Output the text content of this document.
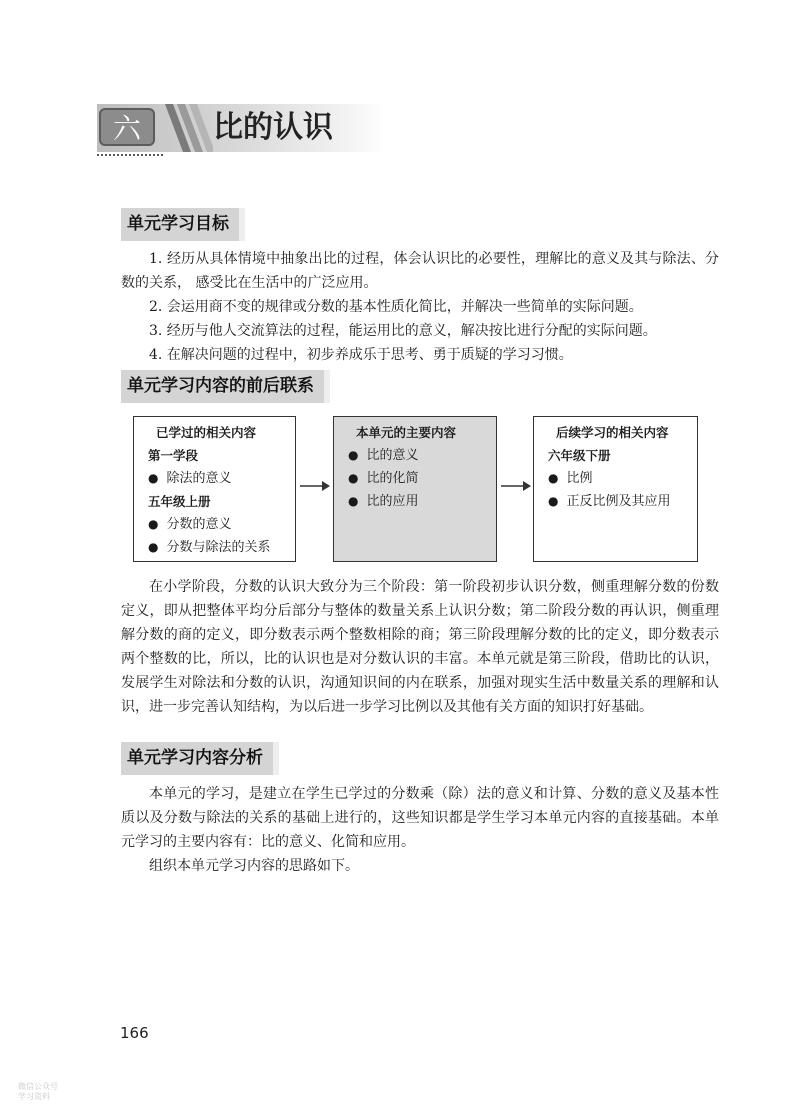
六	比的认识
单元学习目标

1. 经历从具体情境中抽象出比的过程，体会认识比的必要性，理解比的意义及其与除法、分数的关系， 感受比在生活中的广泛应用。

2. 会运用商不变的规律或分数的基本性质化简比，并解决一些简单的实际问题。

3. 经历与他人交流算法的过程，能运用比的意义，解决按比进行分配的实际问题。

4. 在解决问题的过程中，初步养成乐于思考、勇于质疑的学习习惯。

单元学习内容的前后联系
已学过的相关内容
第一学段
● 除法的意义
五年级上册
● 分数的意义
● 分数与除法的关系
本单元的主要内容
● 比的意义
● 比的化简
● 比的应用
后续学习的相关内容
六年级下册
● 比例
● 正反比例及其应用

在小学阶段，分数的认识大致分为三个阶段：第一阶段初步认识分数，侧重理解分数的份数定义，即从把整体平均分后部分与整体的数量关系上认识分数；第二阶段分数的再认识，侧重理解分数的商的定义，即分数表示两个整数相除的商；第三阶段理解分数的比的定义，即分数表示两个整数的比，所以，比的认识也是对分数认识的丰富。本单元就是第三阶段，借助比的认识，发展学生对除法和分数的认识，沟通知识间的内在联系，加强对现实生活中数量关系的理解和认识，进一步完善认知结构，为以后进一步学习比例以及其他有关方面的知识打好基础。

单元学习内容分析

本单元的学习，是建立在学生已学过的分数乘（除）法的意义和计算、分数的意义及基本性质以及分数与除法的关系的基础上进行的，这些知识都是学生学习本单元内容的直接基础。本单元学习的主要内容有：比的意义、化简和应用。

组织本单元学习内容的思路如下。

166
微信公众号
学习资料
